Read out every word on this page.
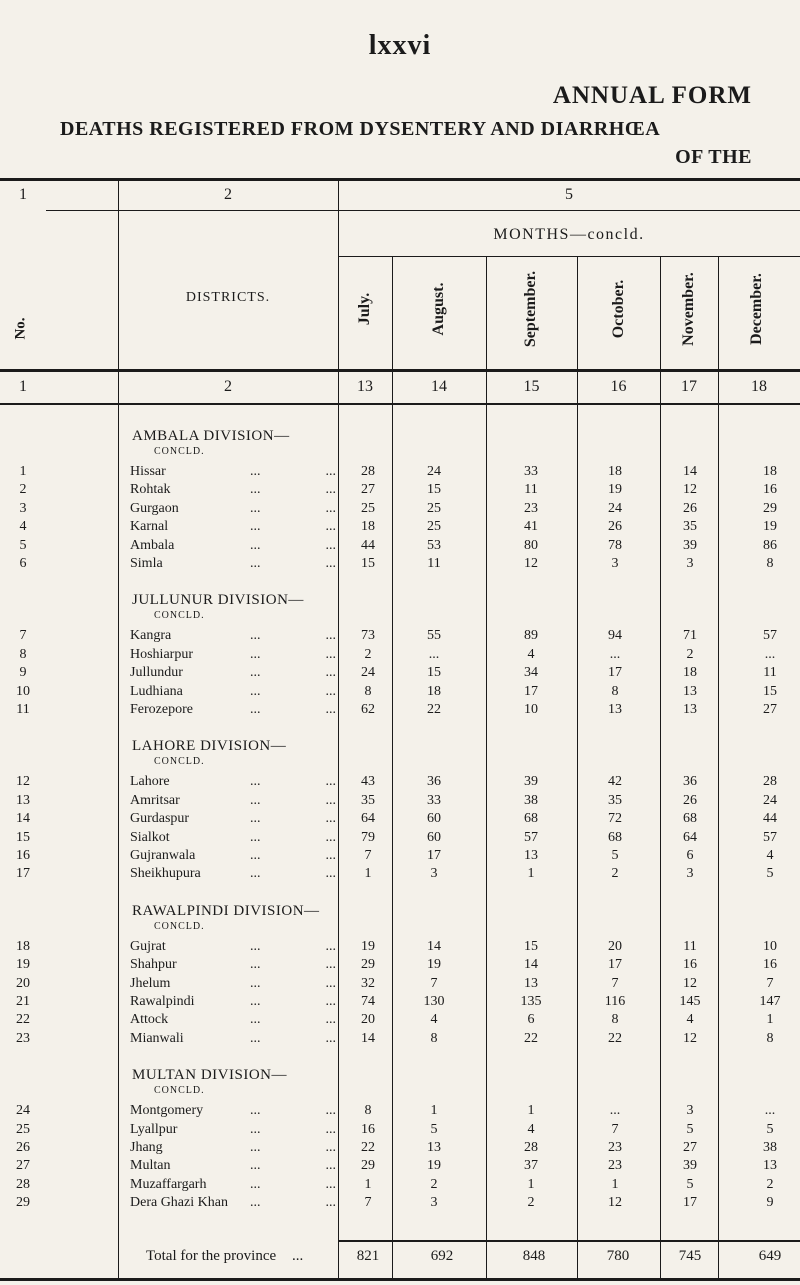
lxxvi
ANNUAL FORM
DEATHS REGISTERED FROM DYSENTERY AND DIARRHŒA
OF THE
1	2	5
MONTHS—concld.
DISTRICTS.
No.
July.	August.	September.	October.	November.	December.
1	2	13	14	15	16	17	18
AMBALA DIVISION—
CONCLD.
1	Hissar	...	...	28	24	33	18	14	18
2	Rohtak	...	...	27	15	11	19	12	16
3	Gurgaon	...	...	25	25	23	24	26	29
4	Karnal	...	...	18	25	41	26	35	19
5	Ambala	...	...	44	53	80	78	39	86
6	Simla	...	...	15	11	12	3	3	8
JULLUNUR DIVISION—
CONCLD.
7	Kangra	...	...	73	55	89	94	71	57
8	Hoshiarpur	...	...	2	...	4	...	2	...
9	Jullundur	...	...	24	15	34	17	18	11
10	Ludhiana	...	...	8	18	17	8	13	15
11	Ferozepore	...	...	62	22	10	13	13	27
LAHORE DIVISION—
CONCLD.
12	Lahore	...	...	43	36	39	42	36	28
13	Amritsar	...	...	35	33	38	35	26	24
14	Gurdaspur	...	...	64	60	68	72	68	44
15	Sialkot	...	...	79	60	57	68	64	57
16	Gujranwala	...	...	7	17	13	5	6	4
17	Sheikhupura	...	...	1	3	1	2	3	5
RAWALPINDI DIVISION—
CONCLD.
18	Gujrat	...	...	19	14	15	20	11	10
19	Shahpur	...	...	29	19	14	17	16	16
20	Jhelum	...	...	32	7	13	7	12	7
21	Rawalpindi	...	...	74	130	135	116	145	147
22	Attock	...	...	20	4	6	8	4	1
23	Mianwali	...	...	14	8	22	22	12	8
MULTAN DIVISION—
CONCLD.
24	Montgomery	...	...	8	1	1	...	3	...
25	Lyallpur	...	...	16	5	4	7	5	5
26	Jhang	...	...	22	13	28	23	27	38
27	Multan	...	...	29	19	37	23	39	13
28	Muzaffargarh	...	...	1	2	1	1	5	2
29	Dera Ghazi Khan ...	...	7	3	2	12	17	9
Total for the province ...	821	692	848	780	745	649
